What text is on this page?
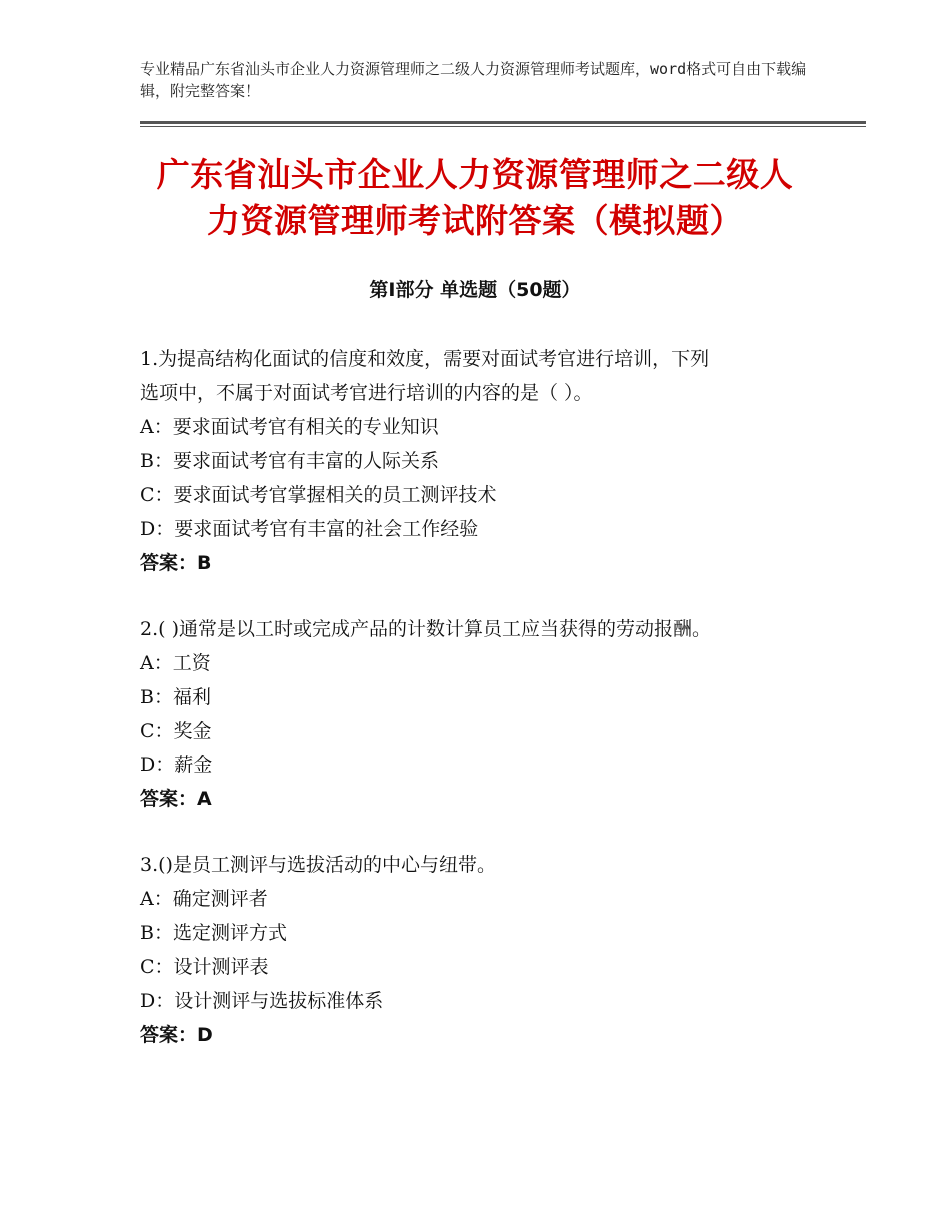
专业精品广东省汕头市企业人力资源管理师之二级人力资源管理师考试题库，word格式可自由下载编辑，附完整答案！
广东省汕头市企业人力资源管理师之二级人
力资源管理师考试附答案（模拟题）
第Ⅰ部分 单选题（50题）

1.为提高结构化面试的信度和效度，需要对面试考官进行培训，下列

选项中，不属于对面试考官进行培训的内容的是（ ）。

A：要求面试考官有相关的专业知识

B：要求面试考官有丰富的人际关系

C：要求面试考官掌握相关的员工测评技术

D：要求面试考官有丰富的社会工作经验

答案：B

2.( )通常是以工时或完成产品的计数计算员工应当获得的劳动报酬。

A：工资

B：福利

C：奖金

D：薪金

答案：A

3.()是员工测评与选拔活动的中心与纽带。

A：确定测评者

B：选定测评方式

C：设计测评表

D：设计测评与选拔标准体系

答案：D
